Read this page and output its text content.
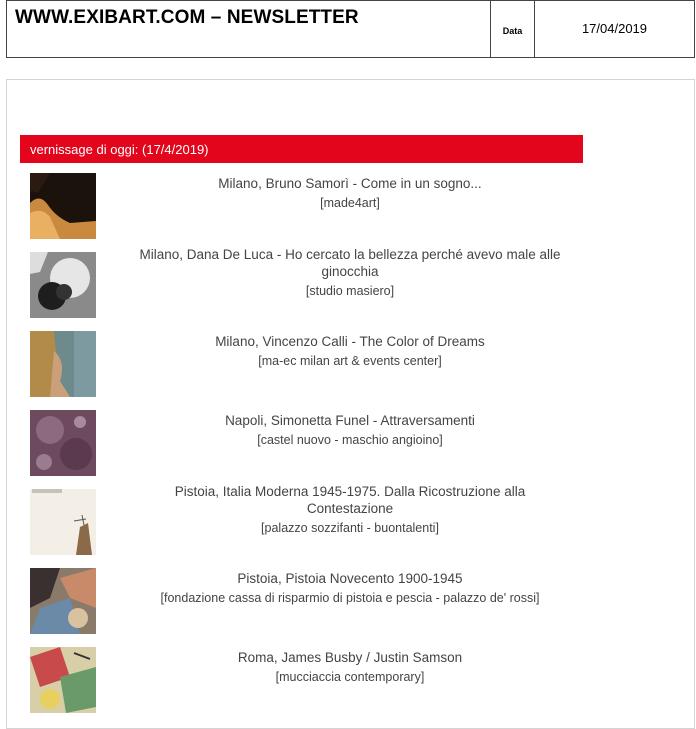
WWW.EXIBART.COM – NEWSLETTER
Data	17/04/2019
vernissage di oggi: (17/4/2019)
Milano, Bruno Samorì - Come in un sogno...
[made4art]
Milano, Dana De Luca - Ho cercato la bellezza perché avevo male alle ginocchia
[studio masiero]
Milano, Vincenzo Calli - The Color of Dreams
[ma-ec milan art & events center]
Napoli, Simonetta Funel - Attraversamenti
[castel nuovo - maschio angioino]
Pistoia, Italia Moderna 1945-1975. Dalla Ricostruzione alla Contestazione
[palazzo sozzifanti - buontalenti]
Pistoia, Pistoia Novecento 1900-1945
[fondazione cassa di risparmio di pistoia e pescia - palazzo de' rossi]
Roma, James Busby / Justin Samson
[mucciaccia contemporary]
